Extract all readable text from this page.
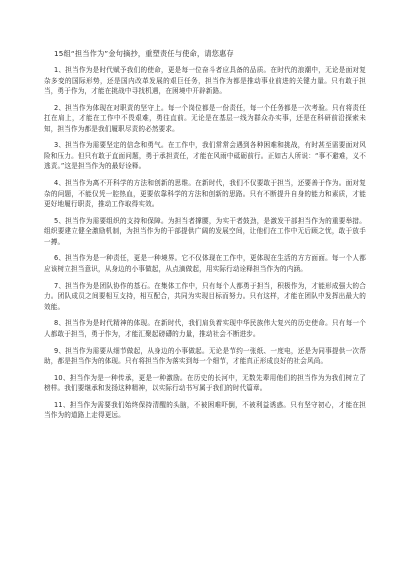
15组“担当作为”金句摘抄，重塑责任与使命，请您惠存

1、担当作为是时代赋予我们的使命，更是每一位奋斗者应具备的品质。在时代的浪潮中，无论是面对复杂多变的国际形势，还是国内改革发展的艰巨任务，担当作为都是推动事业前进的关键力量。只有敢于担当，勇于作为，才能在挑战中寻找机遇，在困境中开辟新路。

2、担当作为体现在对职责的坚守上。每一个岗位都是一份责任，每一个任务都是一次考验。只有将责任扛在肩上，才能在工作中不畏艰难，勇往直前。无论是在基层一线为群众办实事，还是在科研前沿探索未知，担当作为都是我们履职尽责的必然要求。

3、担当作为需要坚定的信念和勇气。在工作中，我们常常会遇到各种困难和挑战，有时甚至需要面对风险和压力。但只有敢于直面问题，勇于承担责任，才能在风雨中砥砺前行。正如古人所说：“事不避难，义不逃责。”这是担当作为的最好诠释。

4、担当作为离不开科学的方法和创新的思维。在新时代，我们不仅要敢于担当，还要善于作为。面对复杂的问题，不能仅凭一腔热血，更要依靠科学的方法和创新的思路。只有不断提升自身的能力和素质，才能更好地履行职责，推动工作取得实效。

5、担当作为需要组织的支持和保障。为担当者撑腰，为实干者鼓劲，是激发干部担当作为的重要举措。组织要建立健全激励机制，为担当作为的干部提供广阔的发展空间，让他们在工作中无后顾之忧，敢于放手一搏。

6、担当作为是一种责任，更是一种境界。它不仅体现在工作中，更体现在生活的方方面面。每一个人都应该树立担当意识，从身边的小事做起，从点滴做起，用实际行动诠释担当作为的内涵。

7、担当作为是团队协作的基石。在集体工作中，只有每个人都勇于担当，积极作为，才能形成强大的合力。团队成员之间要相互支持，相互配合，共同为实现目标而努力。只有这样，才能在团队中发挥出最大的效能。

8、担当作为是时代精神的体现。在新时代，我们肩负着实现中华民族伟大复兴的历史使命。只有每一个人都敢于担当，勇于作为，才能汇聚起磅礴的力量，推动社会不断进步。

9、担当作为需要从细节做起，从身边的小事做起。无论是节约一张纸、一度电，还是为同事提供一次帮助，都是担当作为的体现。只有将担当作为落实到每一个细节，才能真正形成良好的社会风尚。

10、担当作为是一种传承，更是一种激励。在历史的长河中，无数先辈用他们的担当作为为我们树立了榜样。我们要继承和发扬这种精神，以实际行动书写属于我们的时代篇章。

11、担当作为需要我们始终保持清醒的头脑，不被困难吓倒，不被利益诱惑。只有坚守初心，才能在担当作为的道路上走得更远。
